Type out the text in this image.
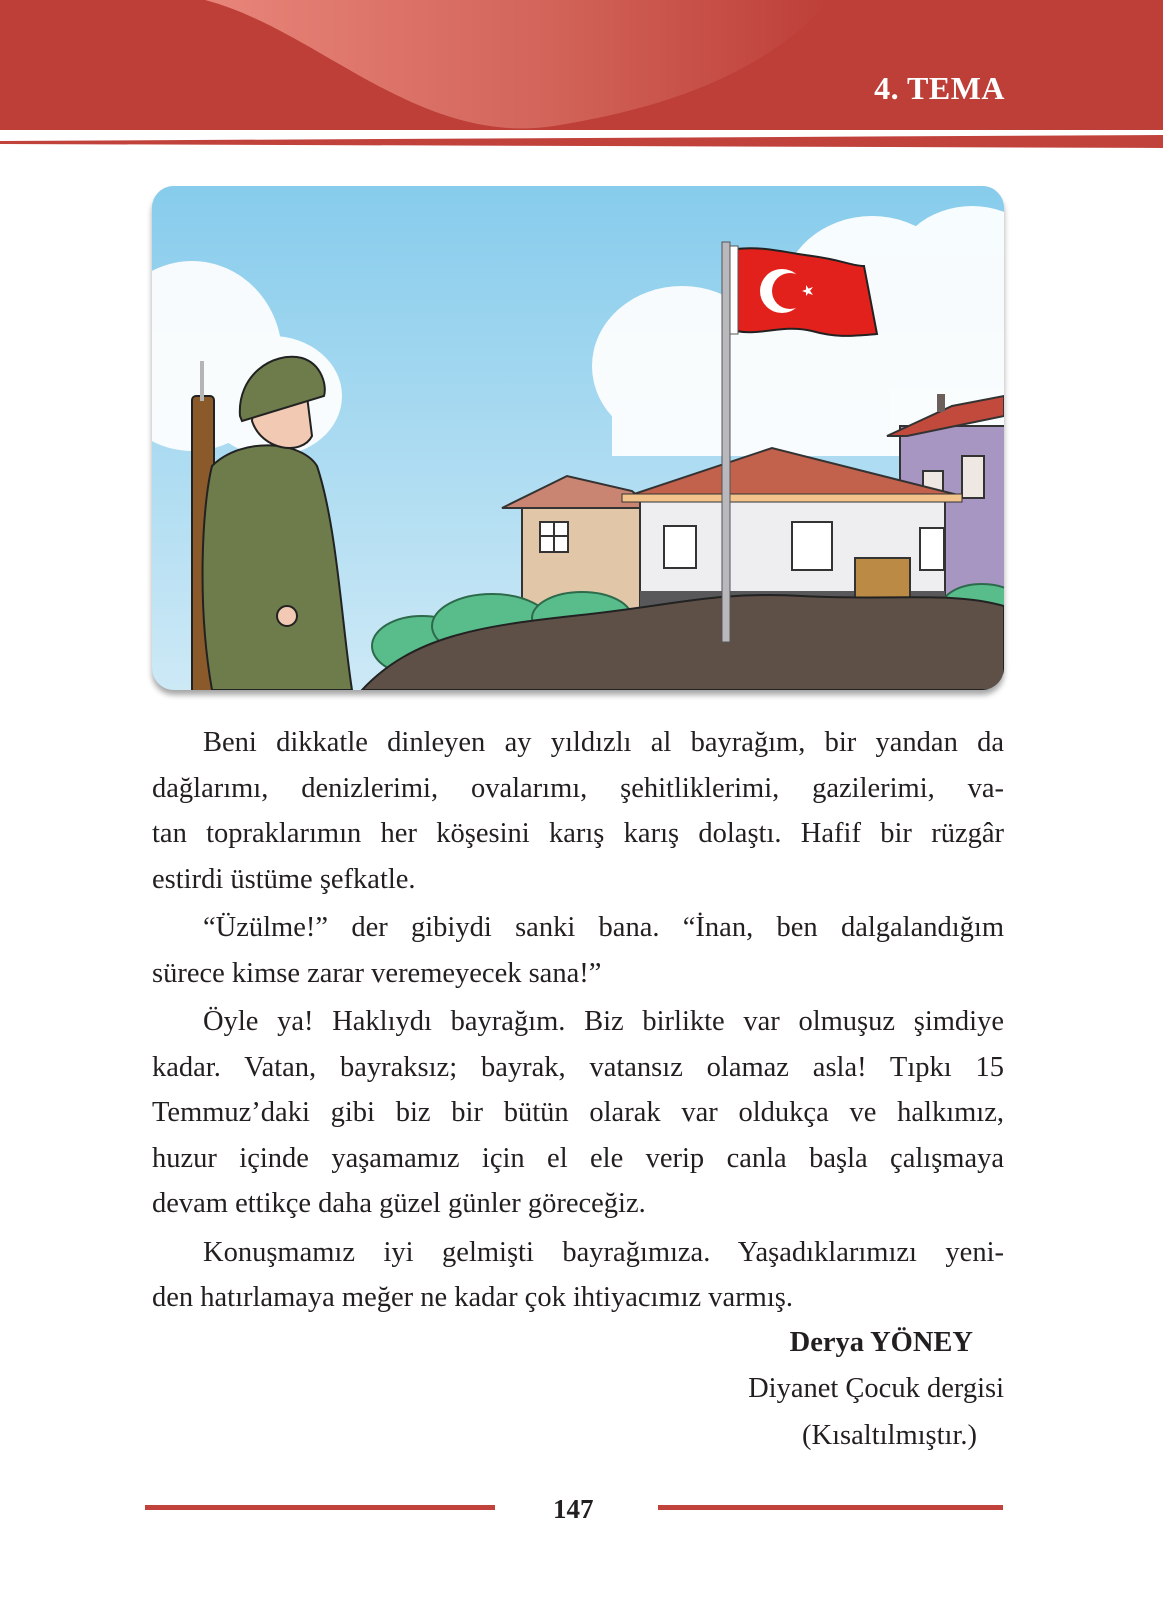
4. TEMA

Beni dikkatle dinleyen ay yıldızlı al bayrağım, bir yandan da
dağlarımı, denizlerimi, ovalarımı, şehitliklerimi, gazilerimi, va-
tan topraklarımın her köşesini karış karış dolaştı. Hafif bir rüzgâr
estirdi üstüme şefkatle.

“Üzülme!” der gibiydi sanki bana. “İnan, ben dalgalandığım
sürece kimse zarar veremeyecek sana!”

Öyle ya! Haklıydı bayrağım. Biz birlikte var olmuşuz şimdiye
kadar. Vatan, bayraksız; bayrak, vatansız olamaz asla! Tıpkı 15
Temmuz’daki gibi biz bir bütün olarak var oldukça ve halkımız,
huzur içinde yaşamamız için el ele verip canla başla çalışmaya
devam ettikçe daha güzel günler göreceğiz.

Konuşmamız iyi gelmişti bayrağımıza. Yaşadıklarımızı yeni-
den hatırlamaya meğer ne kadar çok ihtiyacımız varmış.

Derya YÖNEY
Diyanet Çocuk dergisi
(Kısaltılmıştır.)
147
